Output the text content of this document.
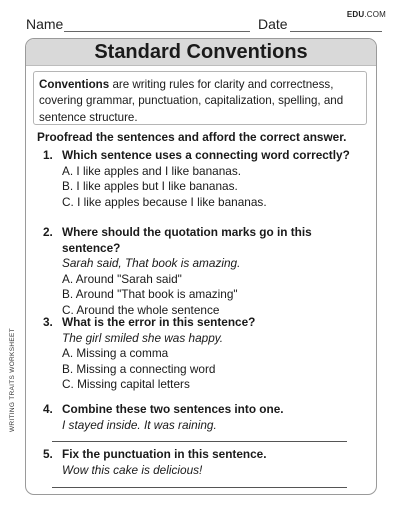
Name	Date
EDU.COM
WRITING TRAITS WORKSHEET
Standard Conventions
Conventions are writing rules for clarity and correctness, covering grammar, punctuation, capitalization, spelling, and sentence structure.
Proofread the sentences and afford the correct answer.
1. Which sentence uses a connecting word correctly?
A. I like apples and I like bananas.
B. I like apples but I like bananas.
C. I like apples because I like bananas.
2. Where should the quotation marks go in this sentence?
Sarah said, That book is amazing.
A. Around "Sarah said"
B. Around "That book is amazing"
C. Around the whole sentence
3. What is the error in this sentence?
The girl smiled she was happy.
A. Missing a comma
B. Missing a connecting word
C. Missing capital letters
4. Combine these two sentences into one.
I stayed inside. It was raining.
5. Fix the punctuation in this sentence.
Wow this cake is delicious!
